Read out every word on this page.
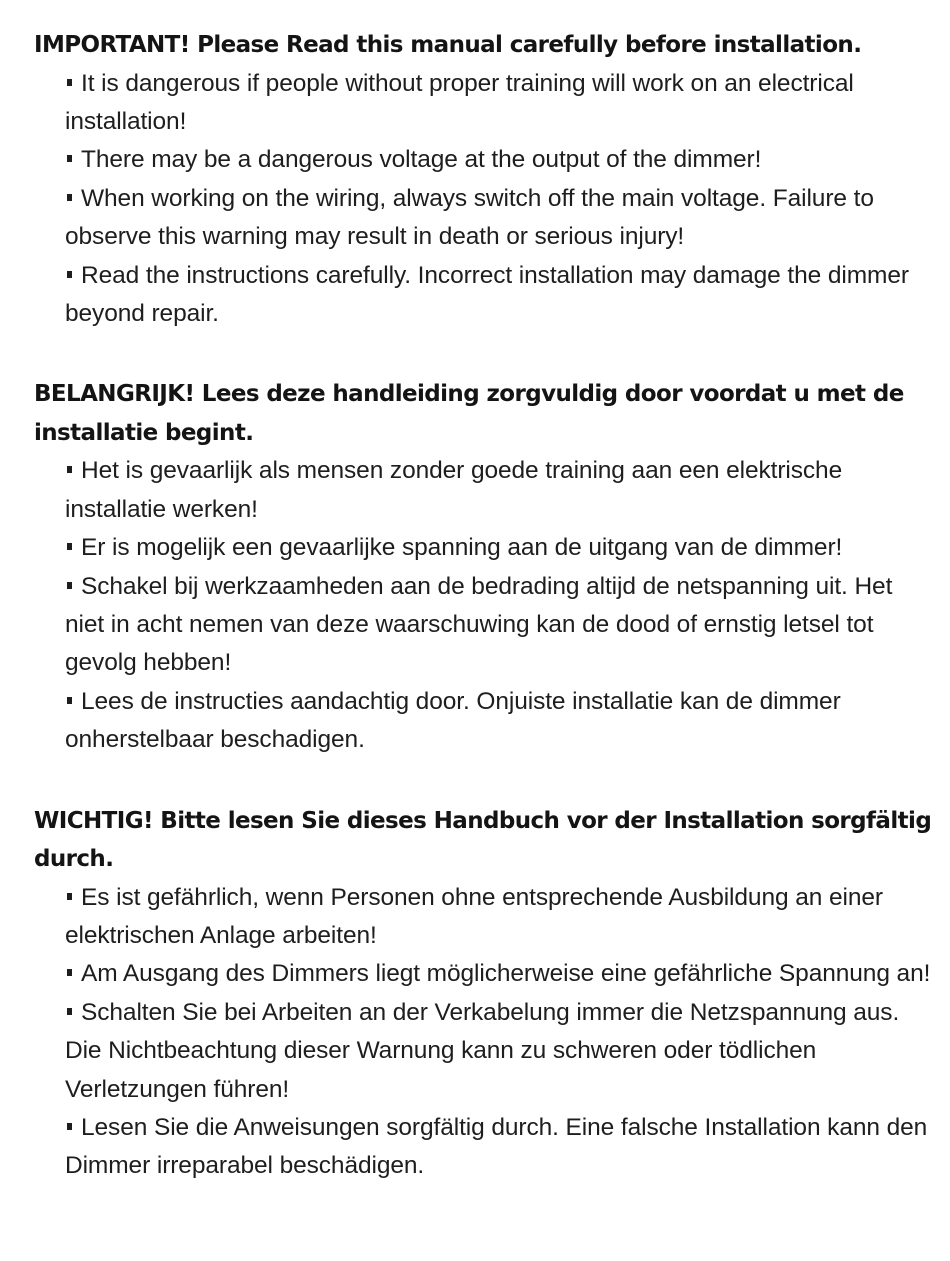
IMPORTANT! Please Read this manual carefully before installation.
It is dangerous if people without proper training will work on an electrical installation!
There may be a dangerous voltage at the output of the dimmer!
When working on the wiring, always switch off the main voltage. Failure to observe this warning may result in death or serious injury!
Read the instructions carefully. Incorrect installation may damage the dimmer beyond repair.
BELANGRIJK! Lees deze handleiding zorgvuldig door voordat u met de installatie begint.
Het is gevaarlijk als mensen zonder goede training aan een elektrische installatie werken!
Er is mogelijk een gevaarlijke spanning aan de uitgang van de dimmer!
Schakel bij werkzaamheden aan de bedrading altijd de netspanning uit. Het niet in acht nemen van deze waarschuwing kan de dood of ernstig letsel tot gevolg hebben!
Lees de instructies aandachtig door. Onjuiste installatie kan de dimmer onherstelbaar beschadigen.
WICHTIG! Bitte lesen Sie dieses Handbuch vor der Installation sorgfältig durch.
Es ist gefährlich, wenn Personen ohne entsprechende Ausbildung an einer elektrischen Anlage arbeiten!
Am Ausgang des Dimmers liegt möglicherweise eine gefährliche Spannung an!
Schalten Sie bei Arbeiten an der Verkabelung immer die Netzspannung aus. Die Nichtbeachtung dieser Warnung kann zu schweren oder tödlichen Verletzungen führen!
Lesen Sie die Anweisungen sorgfältig durch. Eine falsche Installation kann den Dimmer irreparabel beschädigen.
